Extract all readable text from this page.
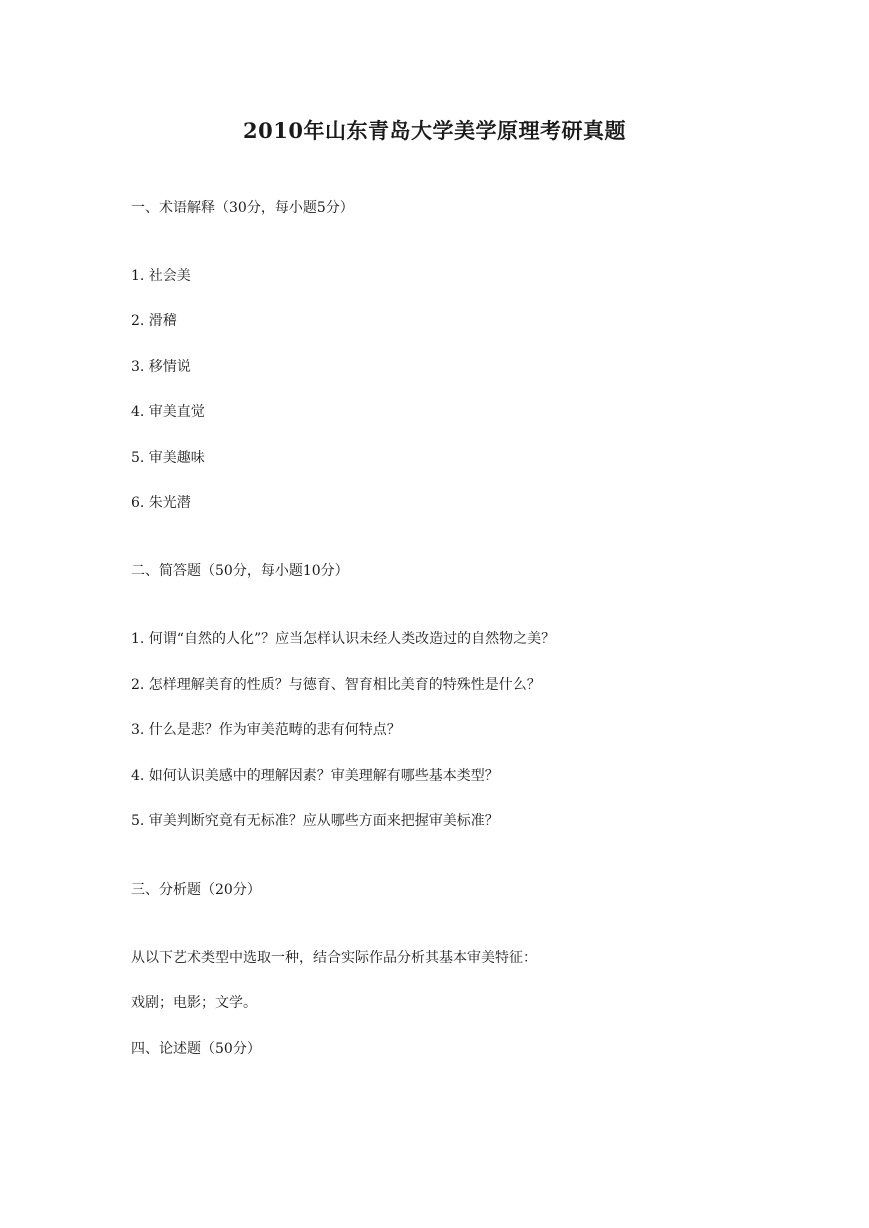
2010年山东青岛大学美学原理考研真题
一、术语解释（30分，每小题5分）
1. 社会美
2. 滑稽
3. 移情说
4. 审美直觉
5. 审美趣味
6. 朱光潜
二、简答题（50分，每小题10分）
1. 何谓“自然的人化”？应当怎样认识未经人类改造过的自然物之美？
2. 怎样理解美育的性质？与德育、智育相比美育的特殊性是什么？
3. 什么是悲？作为审美范畴的悲有何特点？
4. 如何认识美感中的理解因素？审美理解有哪些基本类型？
5. 审美判断究竟有无标准？应从哪些方面来把握审美标准？
三、分析题（20分）
从以下艺术类型中选取一种，结合实际作品分析其基本审美特征：
戏剧；电影；文学。
四、论述题（50分）
